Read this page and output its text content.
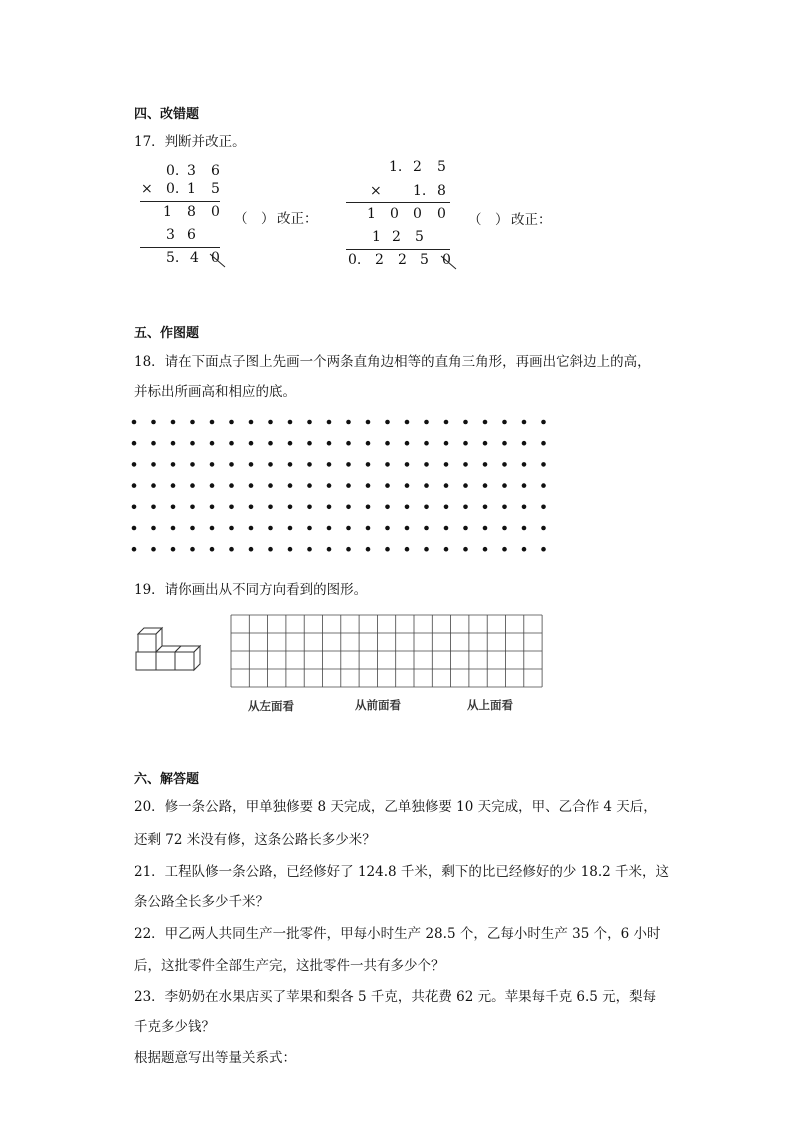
四、改错题
17．判断并改正。
0. 3 6
× 0. 1 5
1 8 0
3 6
5. 4 0
（　） 改正：
1. 2 5
× 1. 8
1 0 0 0
1 2 5
0. 2 2 5 0
（　） 改正：
五、作图题
18．请在下面点子图上先画一个两条直角边相等的直角三角形，再画出它斜边上的高，
并标出所画高和相应的底。
19．请你画出从不同方向看到的图形。
从左面看	从前面看	从上面看
六、解答题
20．修一条公路，甲单独修要 8 天完成，乙单独修要 10 天完成，甲、乙合作 4 天后，
还剩 72 米没有修，这条公路长多少米？
21．工程队修一条公路，已经修好了 124.8 千米，剩下的比已经修好的少 18.2 千米，这
条公路全长多少千米？
22．甲乙两人共同生产一批零件，甲每小时生产 28.5 个，乙每小时生产 35 个，6 小时
后，这批零件全部生产完，这批零件一共有多少个？
23．李奶奶在水果店买了苹果和梨各 5 千克，共花费 62 元。苹果每千克 6.5 元，梨每
千克多少钱？
根据题意写出等量关系式：
